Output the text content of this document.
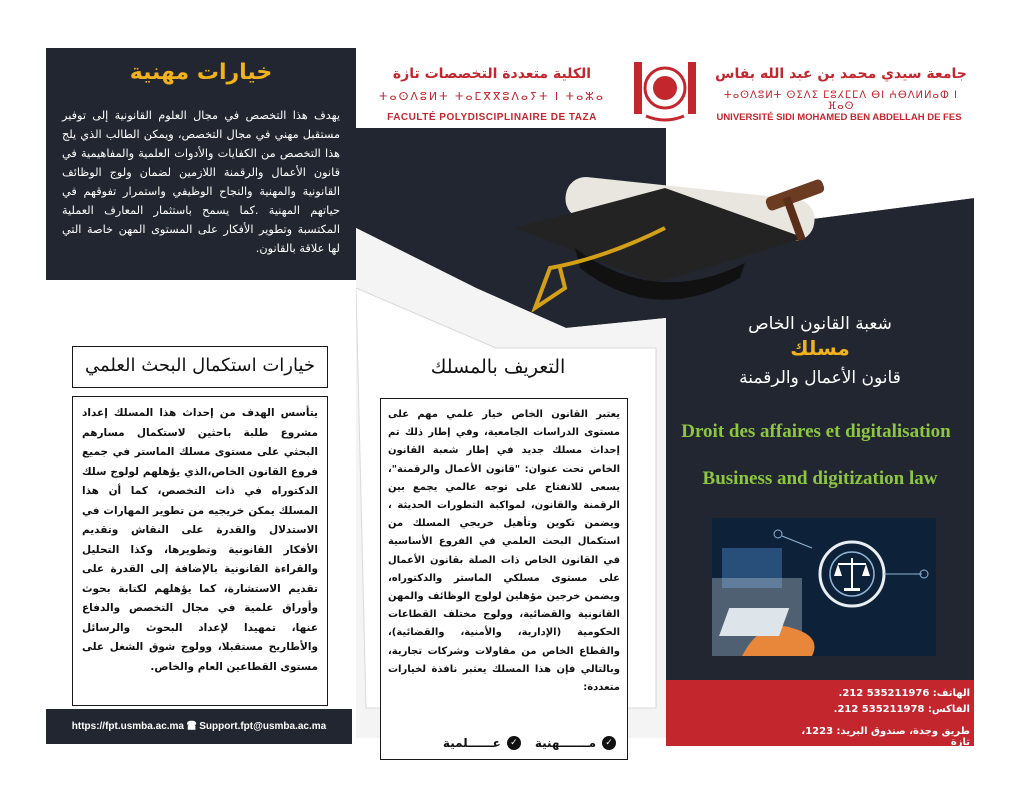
خيارات مهنية
يهدف هذا التخصص في مجال العلوم القانونية إلى توفير مستقبل مهني في مجال التخصص، ويمكن الطالب الذي يلج هذا التخصص من الكفايات والأدوات العلمية والمفاهيمية في قانون الأعمال والرقمنة اللازمين لضمان ولوج الوظائف القانونية والمهنية والنجاح الوظيفي واستمرار تفوقهم في حياتهم المهنية .كما يسمح باستثمار المعارف العملية المكتسبة وتطوير الأفكار على المستوى المهن خاصة التي لها علاقة بالقانون.
الكلية متعددة التخصصات تازة
ⵜⴰⵙⴷⵓⵍⵜ ⵜⴰⵎⴳⴳⵓⴷⴰⵢⵜ ⵏ ⵜⴰⵣⴰ
FACULTÉ POLYDISCIPLINAIRE DE TAZA
جامعة سيدي محمد بن عبد الله بفاس
ⵜⴰⵙⴷⵓⵍⵜ ⵙⵉⴷⵉ ⵎⵓⵃⵎⵎⴷ ⴱⵏ ⵄⴱⴷⵍⵍⴰⵀ ⵏ ⴼⴰⵙ
UNIVERSITÉ SIDI MOHAMED BEN ABDELLAH DE FES
شعبة القانون الخاص
مسلك
قانون الأعمال والرقمنة
Droit des affaires et digitalisation
Business and digitization law
الهاتف: 535211976 212.
الفاكس: 535211978 212.
طريق وجدة، صندوق البريد: 1223، تازة
خيارات استكمال البحث العلمي
يتأسس الهدف من إحداث هذا المسلك إعداد مشروع طلبة باحثين لاستكمال مسارهم البحثي على مستوى مسلك الماستر في جميع فروع القانون الخاص،الذي يؤهلهم لولوج سلك الدكتوراه في ذات التخصص، كما أن هذا المسلك يمكن خريجيه من تطوير المهارات في الاستدلال والقدرة على النقاش وتقديم الأفكار القانونية وتطويرها، وكذا التحليل والقراءة القانونية بالإضافة إلى القدرة على تقديم الاستشارة، كما يؤهلهم لكتابة بحوث وأوراق علمية في مجال التخصص والدفاع عنها، تمهيدا لإعداد البحوث والرسائل والأطاريح مستقبلا، وولوج شوق الشغل على مستوى القطاعين العام والخاص.
التعريف بالمسلك
يعتبر القانون الخاص خيار علمي مهم على مستوى الدراسات الجامعية، وفي إطار ذلك تم إحداث مسلك جديد في إطار شعبة القانون الخاص تحت عنوان: "قانون الأعمال والرقمنة"، يسعى للانفتاح على توجه عالمي يجمع بين الرقمنة والقانون، لمواكبة التطورات الحديثة ، ويضمن تكوين وتأهيل خريجي المسلك من استكمال البحث العلمي في الفروع الأساسية في القانون الخاص ذات الصلة بقانون الأعمال على مستوى مسلكي الماستر والدكتوراه، ويضمن خرجين مؤهلين لولوج الوظائف والمهن القانونية والقضائية، وولوج مختلف القطاعات الحكومية (الإدارية، والأمنية، والقضائية)، والقطاع الخاص من مقاولات وشركات تجارية، وبالتالي فإن هذا المسلك يعتبر نافذة لخيارات متعددة:
✓
مـــــــهنية
✓
عــــــلمية
https://fpt.usmba.ac.ma 🖀 Support.fpt@usmba.ac.ma
